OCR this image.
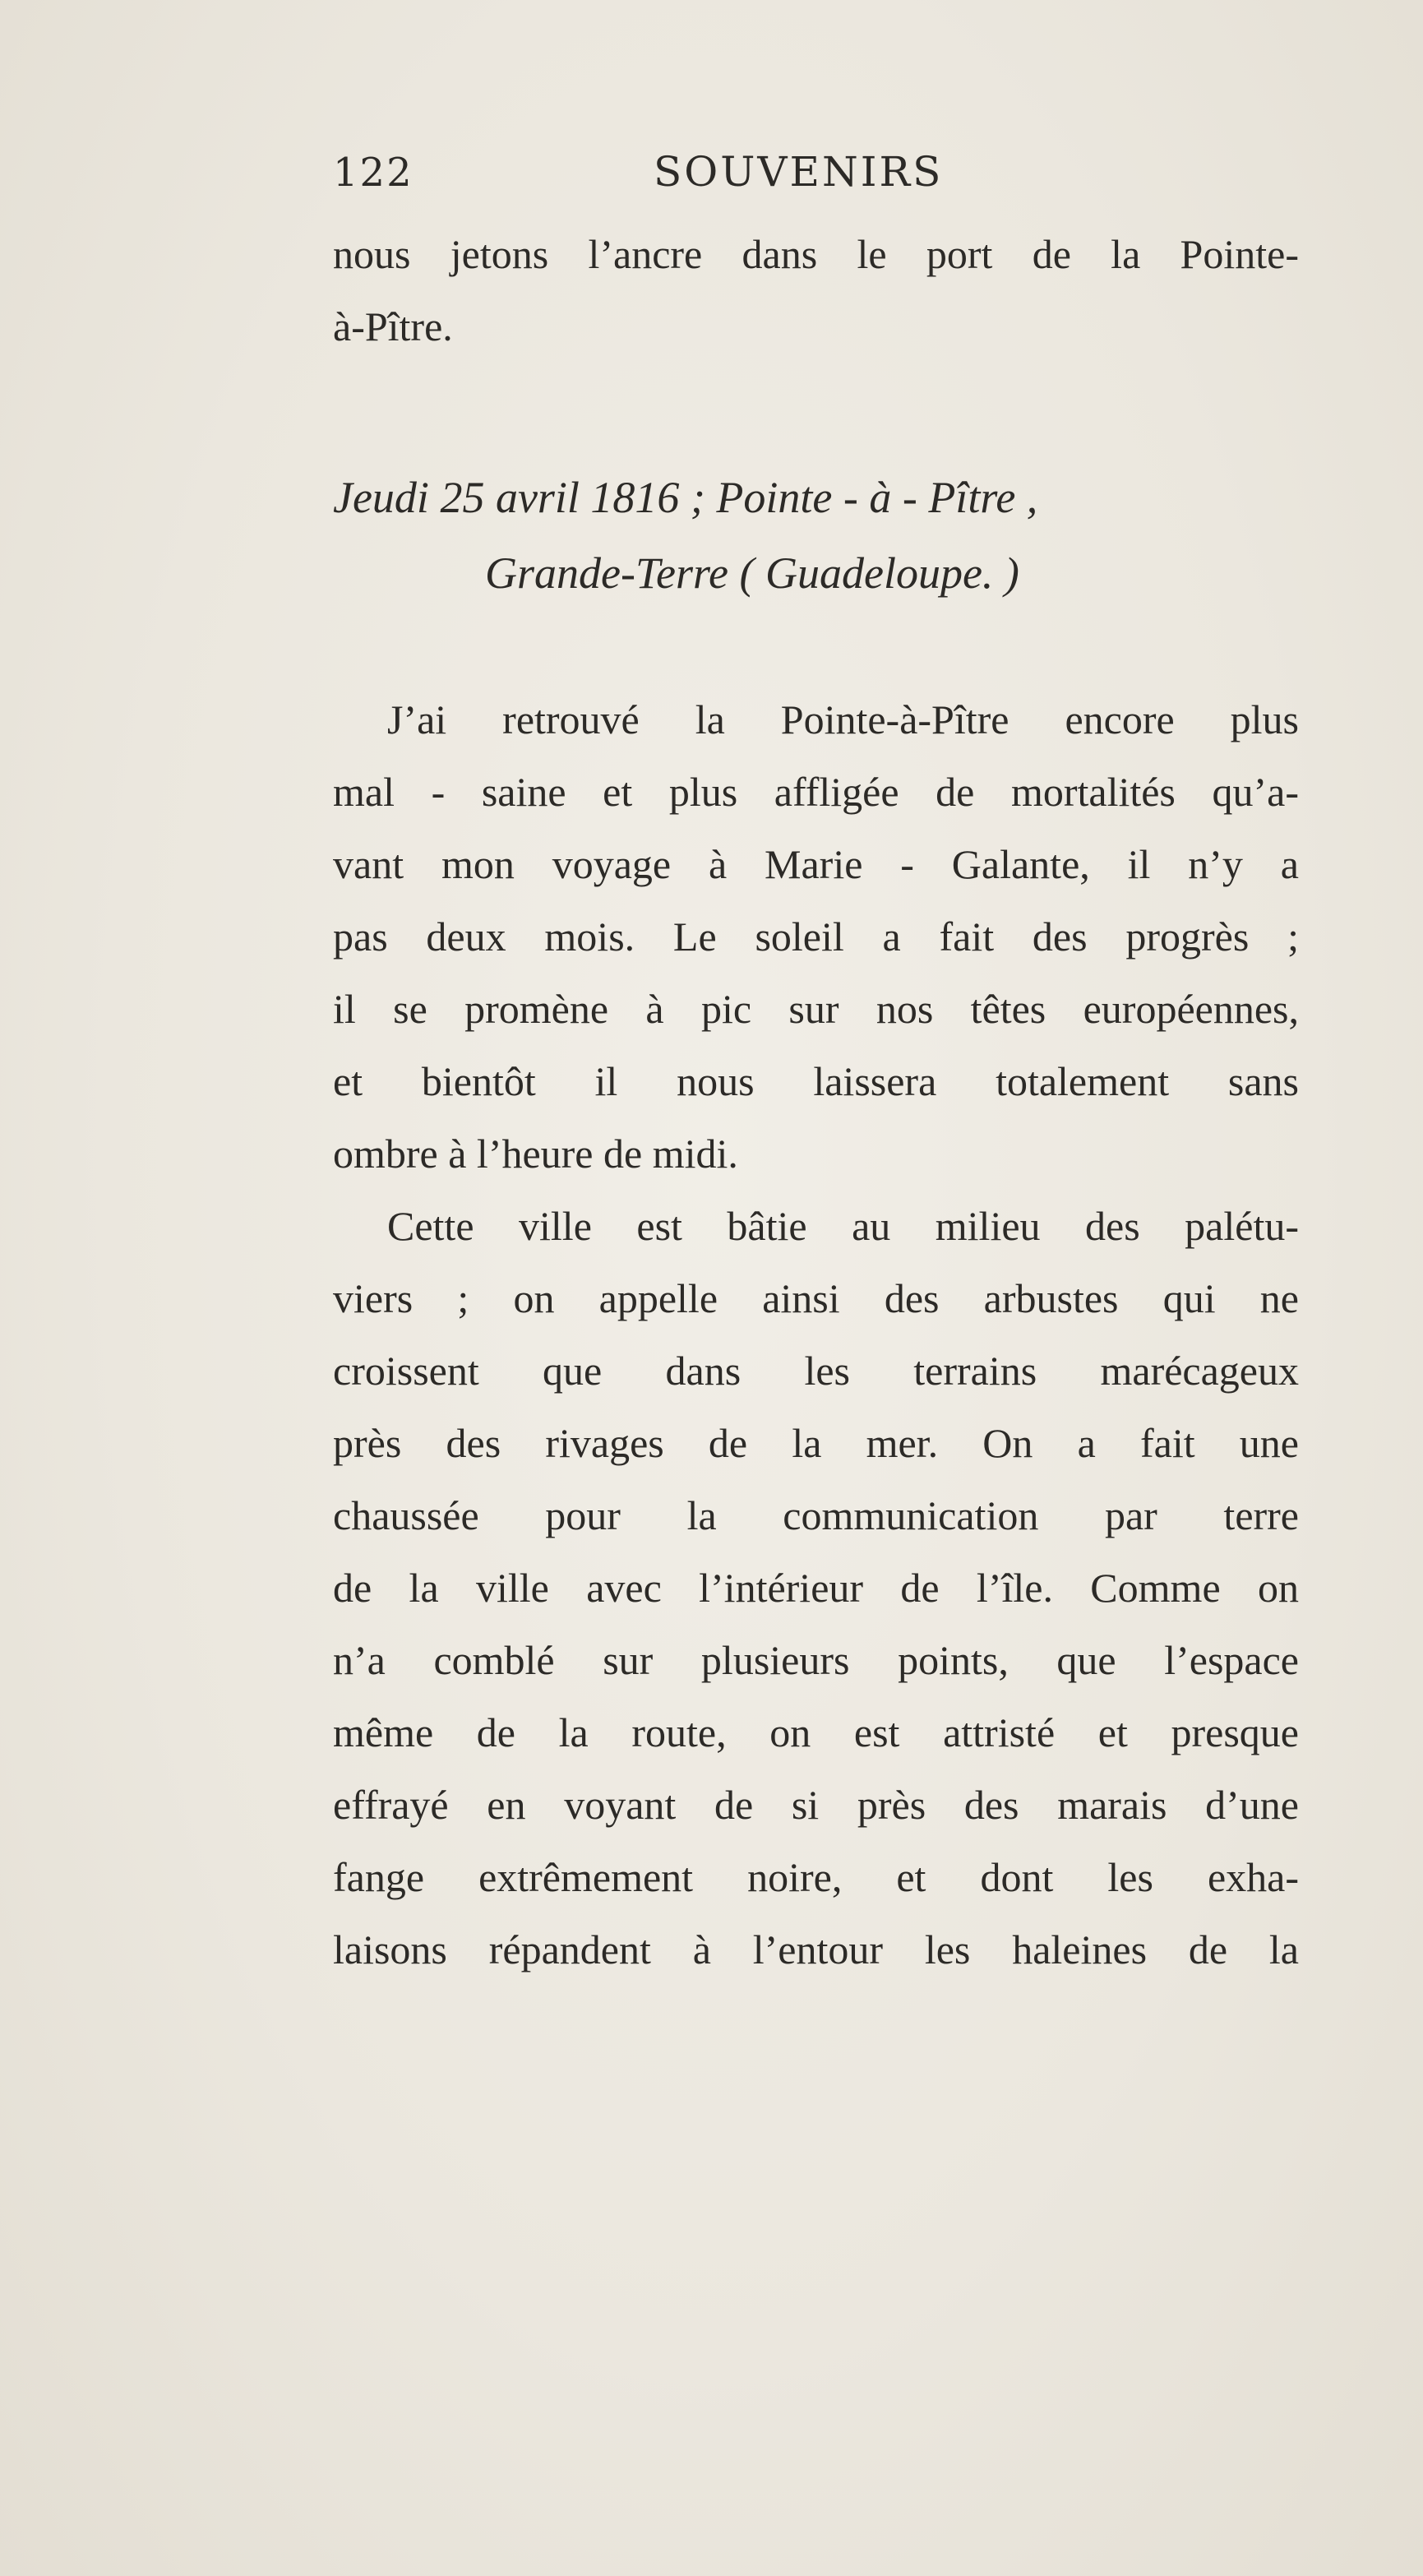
122	SOUVENIRS
nous jetons l’ancre dans le port de la Pointe-
à-Pître.
Jeudi 25 avril 1816 ; Pointe - à - Pître ,
Grande-Terre ( Guadeloupe. )
J’ai retrouvé la Pointe-à-Pître encore plus
mal - saine et plus affligée de mortalités qu’a-
vant mon voyage à Marie - Galante, il n’y a
pas deux mois. Le soleil a fait des progrès ;
il se promène à pic sur nos têtes européennes,
et bientôt il nous laissera totalement sans
ombre à l’heure de midi.
Cette ville est bâtie au milieu des palétu-
viers ; on appelle ainsi des arbustes qui ne
croissent que dans les terrains marécageux
près des rivages de la mer. On a fait une
chaussée pour la communication par terre
de la ville avec l’intérieur de l’île. Comme on
n’a comblé sur plusieurs points, que l’espace
même de la route, on est attristé et presque
effrayé en voyant de si près des marais d’une
fange extrêmement noire, et dont les exha-
laisons répandent à l’entour les haleines de la
